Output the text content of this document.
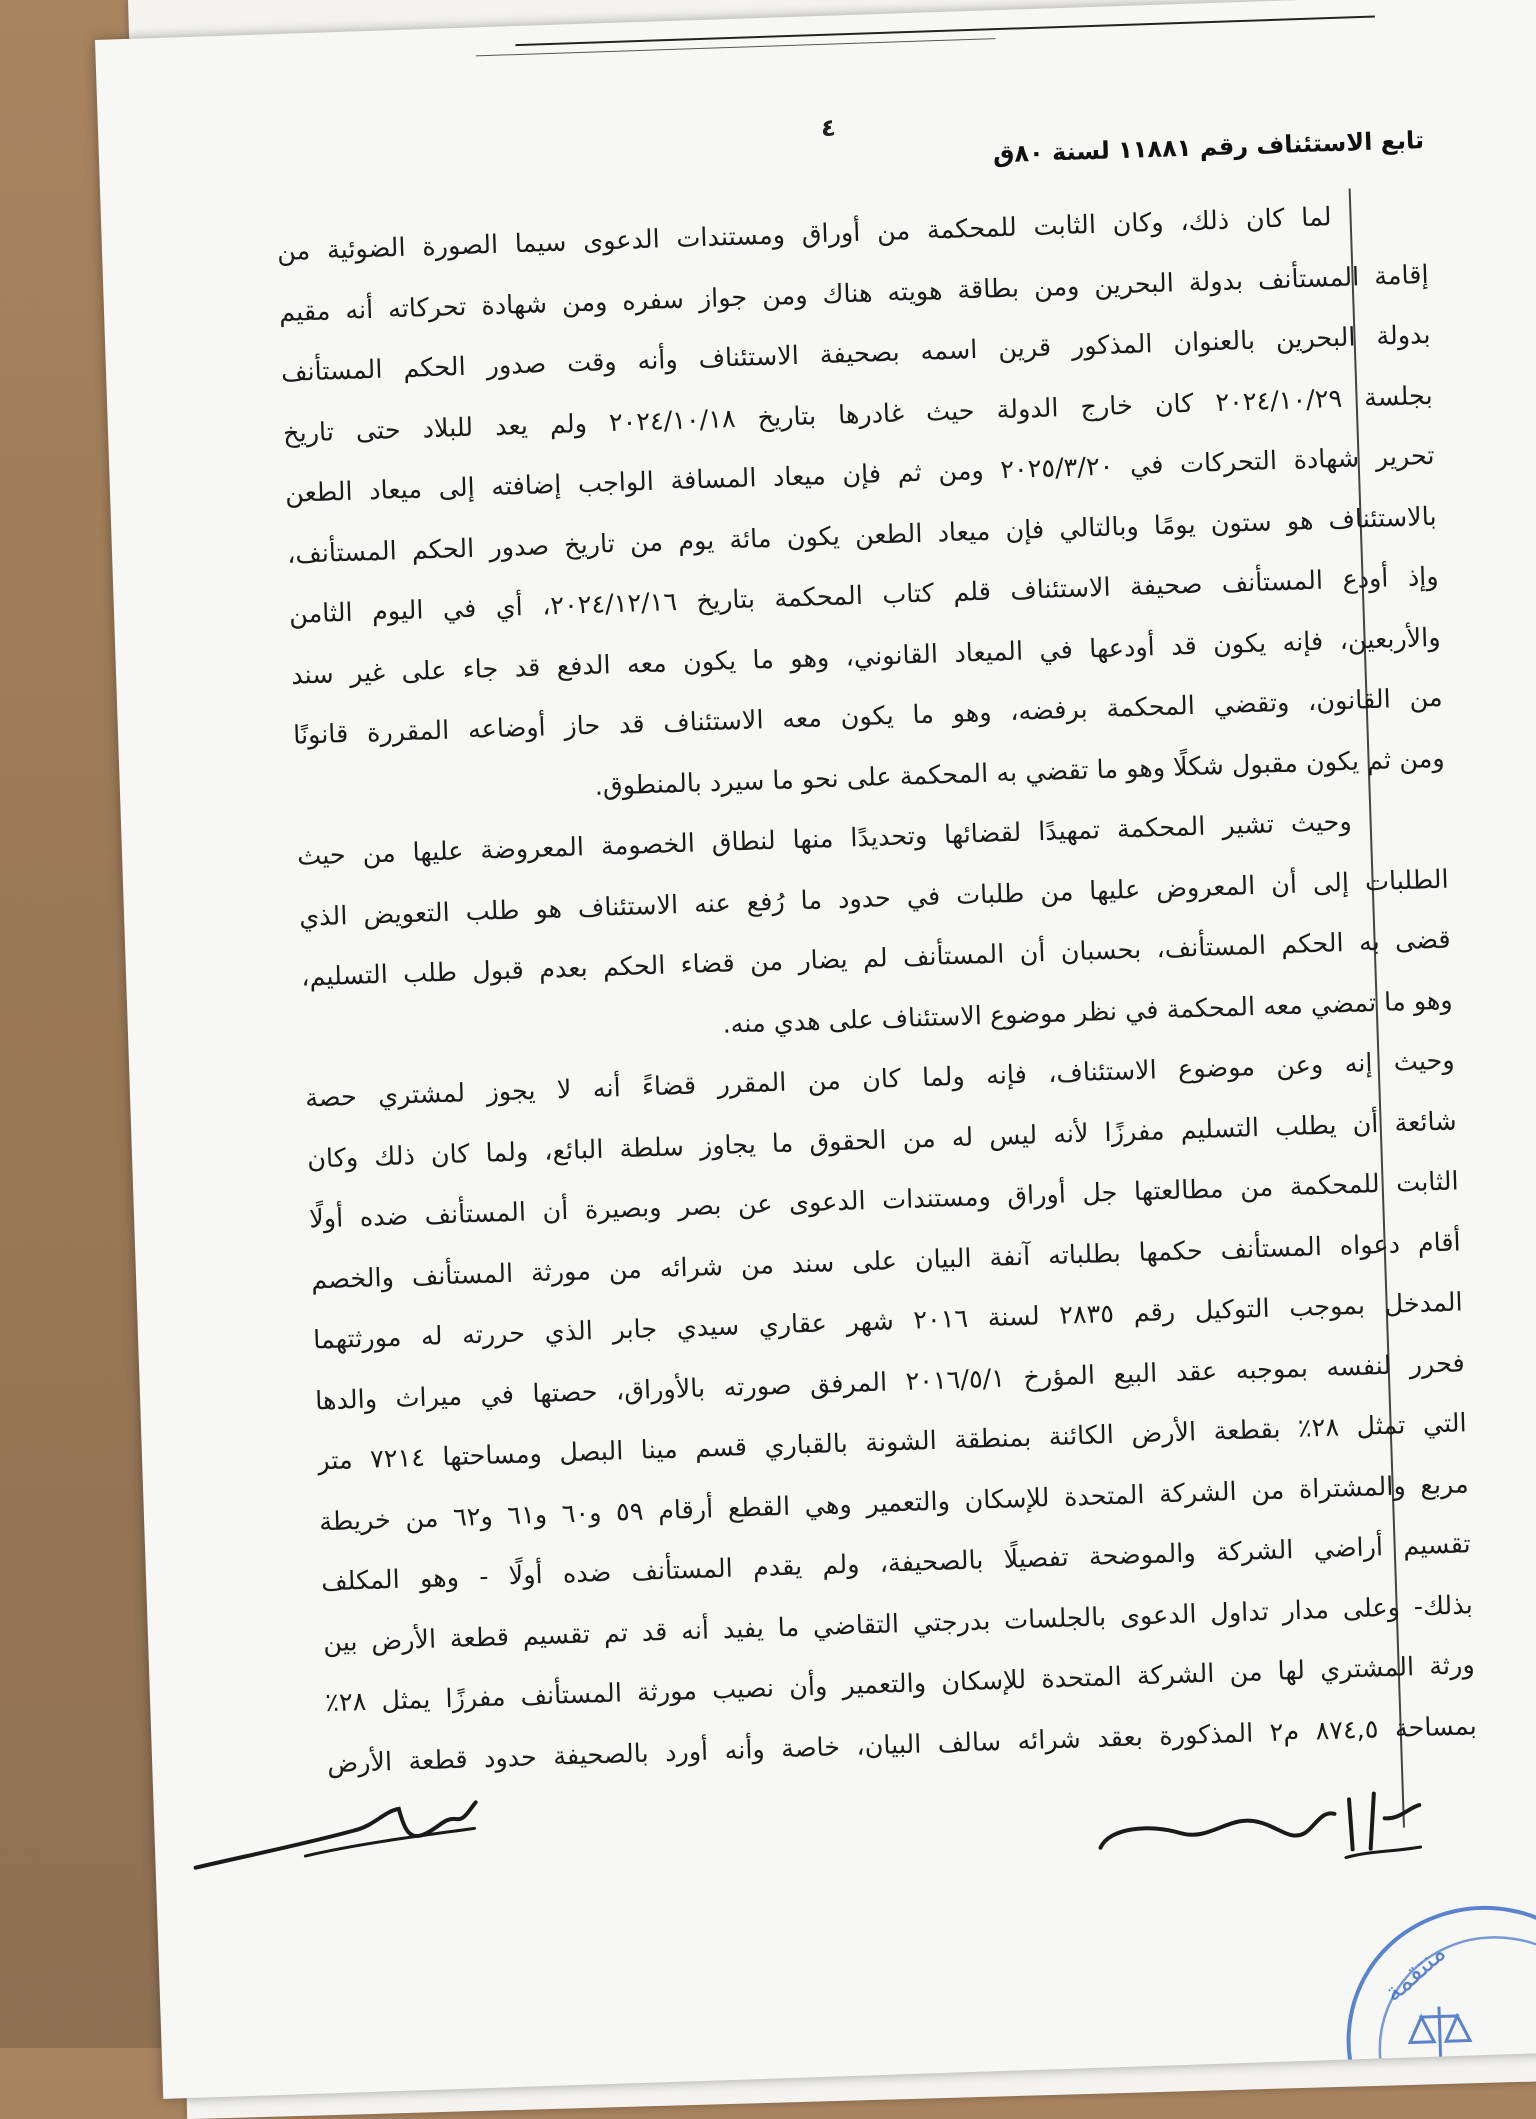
٤
تابع الاستئناف رقم ١١٨٨١ لسنة ٨٠ق
لما كان ذلك، وكان الثابت للمحكمة من أوراق ومستندات الدعوى سيما الصورة الضوئية من
إقامة المستأنف بدولة البحرين ومن بطاقة هويته هناك ومن جواز سفره ومن شهادة تحركاته أنه مقيم
بدولة البحرين بالعنوان المذكور قرين اسمه بصحيفة الاستئناف وأنه وقت صدور الحكم المستأنف
بجلسة ٢٠٢٤/١٠/٢٩ كان خارج الدولة حيث غادرها بتاريخ ٢٠٢٤/١٠/١٨ ولم يعد للبلاد حتى تاريخ
تحرير شهادة التحركات في ٢٠٢٥/٣/٢٠ ومن ثم فإن ميعاد المسافة الواجب إضافته إلى ميعاد الطعن
بالاستئناف هو ستون يومًا وبالتالي فإن ميعاد الطعن يكون مائة يوم من تاريخ صدور الحكم المستأنف،
وإذ أودع المستأنف صحيفة الاستئناف قلم كتاب المحكمة بتاريخ ٢٠٢٤/١٢/١٦، أي في اليوم الثامن
والأربعين، فإنه يكون قد أودعها في الميعاد القانوني، وهو ما يكون معه الدفع قد جاء على غير سند
من القانون، وتقضي المحكمة برفضه، وهو ما يكون معه الاستئناف قد حاز أوضاعه المقررة قانونًا
ومن ثم يكون مقبول شكلًا وهو ما تقضي به المحكمة على نحو ما سيرد بالمنطوق.
وحيث تشير المحكمة تمهيدًا لقضائها وتحديدًا منها لنطاق الخصومة المعروضة عليها من حيث
الطلبات إلى أن المعروض عليها من طلبات في حدود ما رُفع عنه الاستئناف هو طلب التعويض الذي
قضى به الحكم المستأنف، بحسبان أن المستأنف لم يضار من قضاء الحكم بعدم قبول طلب التسليم،
وهو ما تمضي معه المحكمة في نظر موضوع الاستئناف على هدي منه.
وحيث إنه وعن موضوع الاستئناف، فإنه ولما كان من المقرر قضاءً أنه لا يجوز لمشتري حصة
شائعة أن يطلب التسليم مفرزًا لأنه ليس له من الحقوق ما يجاوز سلطة البائع، ولما كان ذلك وكان
الثابت للمحكمة من مطالعتها جل أوراق ومستندات الدعوى عن بصر وبصيرة أن المستأنف ضده أولًا
أقام دعواه المستأنف حكمها بطلباته آنفة البيان على سند من شرائه من مورثة المستأنف والخصم
المدخل بموجب التوكيل رقم ٢٨٣٥ لسنة ٢٠١٦ شهر عقاري سيدي جابر الذي حررته له مورثتهما
فحرر لنفسه بموجبه عقد البيع المؤرخ ٢٠١٦/٥/١ المرفق صورته بالأوراق، حصتها في ميراث والدها
التي تمثل ٢٨٪ بقطعة الأرض الكائنة بمنطقة الشونة بالقباري قسم مينا البصل ومساحتها ٧٢١٤ متر
مربع والمشتراة من الشركة المتحدة للإسكان والتعمير وهي القطع أرقام ٥٩ و٦٠ و٦١ و٦٢ من خريطة
تقسيم أراضي الشركة والموضحة تفصيلًا بالصحيفة، ولم يقدم المستأنف ضده أولًا - وهو المكلف
بذلك- وعلى مدار تداول الدعوى بالجلسات بدرجتي التقاضي ما يفيد أنه قد تم تقسيم قطعة الأرض بين
ورثة المشتري لها من الشركة المتحدة للإسكان والتعمير وأن نصيب مورثة المستأنف مفرزًا يمثل ٢٨٪
بمساحة ٨٧٤,٥ م٢ المذكورة بعقد شرائه سالف البيان، خاصة وأنه أورد بالصحيفة حدود قطعة الأرض
منتقمة
